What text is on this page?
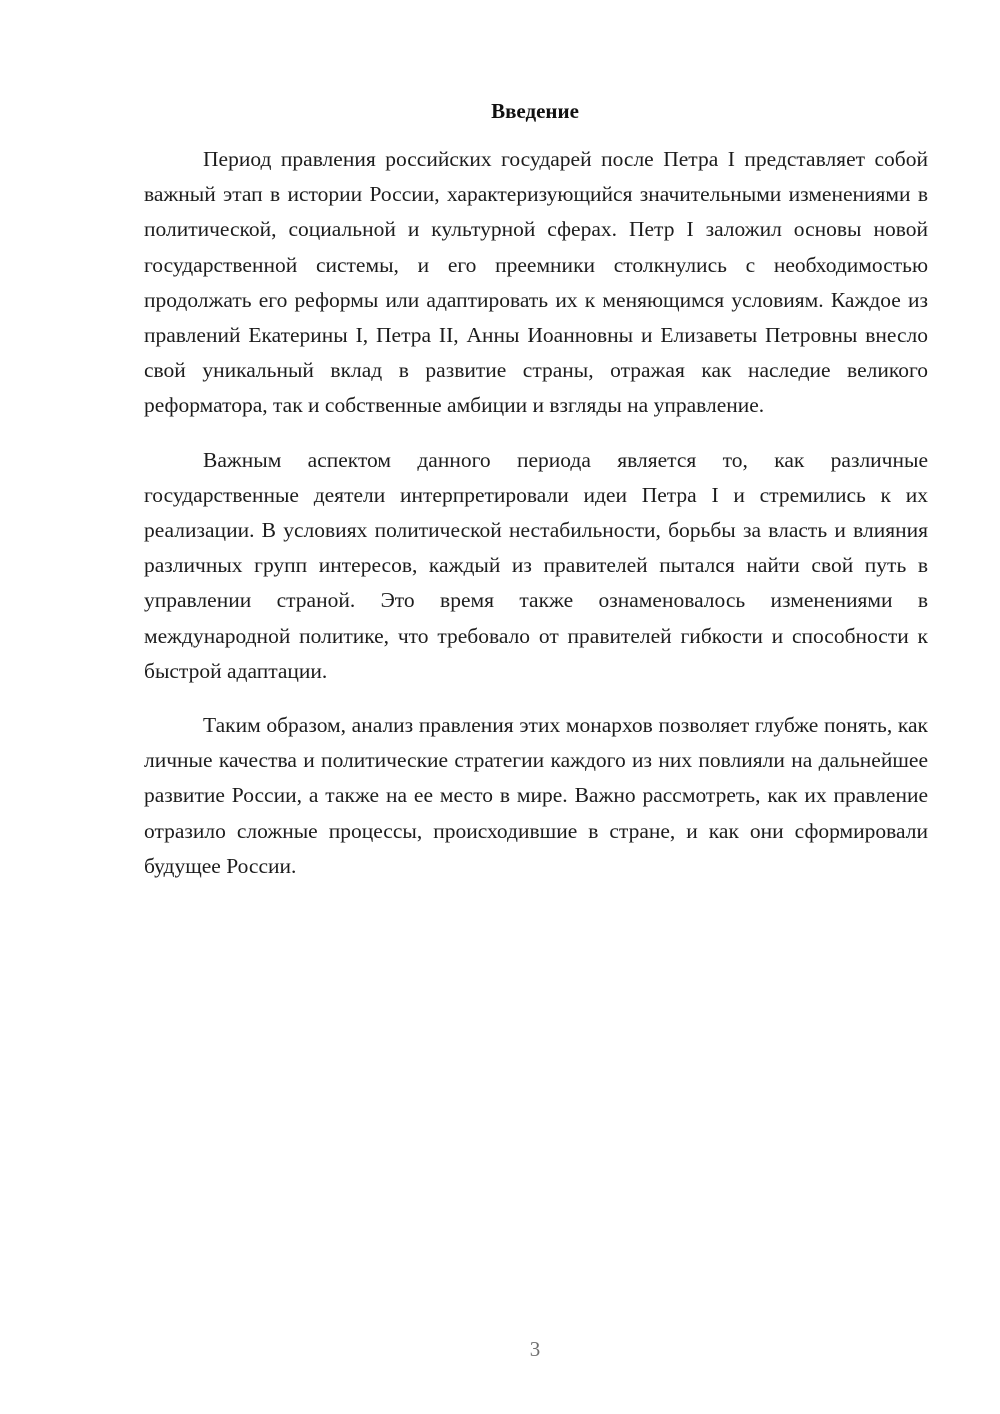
Введение

Период правления российских государей после Петра I представляет собой важный этап в истории России, характеризующийся значительными изменениями в политической, социальной и культурной сферах. Петр I заложил основы новой государственной системы, и его преемники столкнулись с необходимостью продолжать его реформы или адаптировать их к меняющимся условиям. Каждое из правлений Екатерины I, Петра II, Анны Иоанновны и Елизаветы Петровны внесло свой уникальный вклад в развитие страны, отражая как наследие великого реформатора, так и собственные амбиции и взгляды на управление.

Важным аспектом данного периода является то, как различные государственные деятели интерпретировали идеи Петра I и стремились к их реализации. В условиях политической нестабильности, борьбы за власть и влияния различных групп интересов, каждый из правителей пытался найти свой путь в управлении страной. Это время также ознаменовалось изменениями в международной политике, что требовало от правителей гибкости и способности к быстрой адаптации.

Таким образом, анализ правления этих монархов позволяет глубже понять, как личные качества и политические стратегии каждого из них повлияли на дальнейшее развитие России, а также на ее место в мире. Важно рассмотреть, как их правление отразило сложные процессы, происходившие в стране, и как они сформировали будущее России.

3
